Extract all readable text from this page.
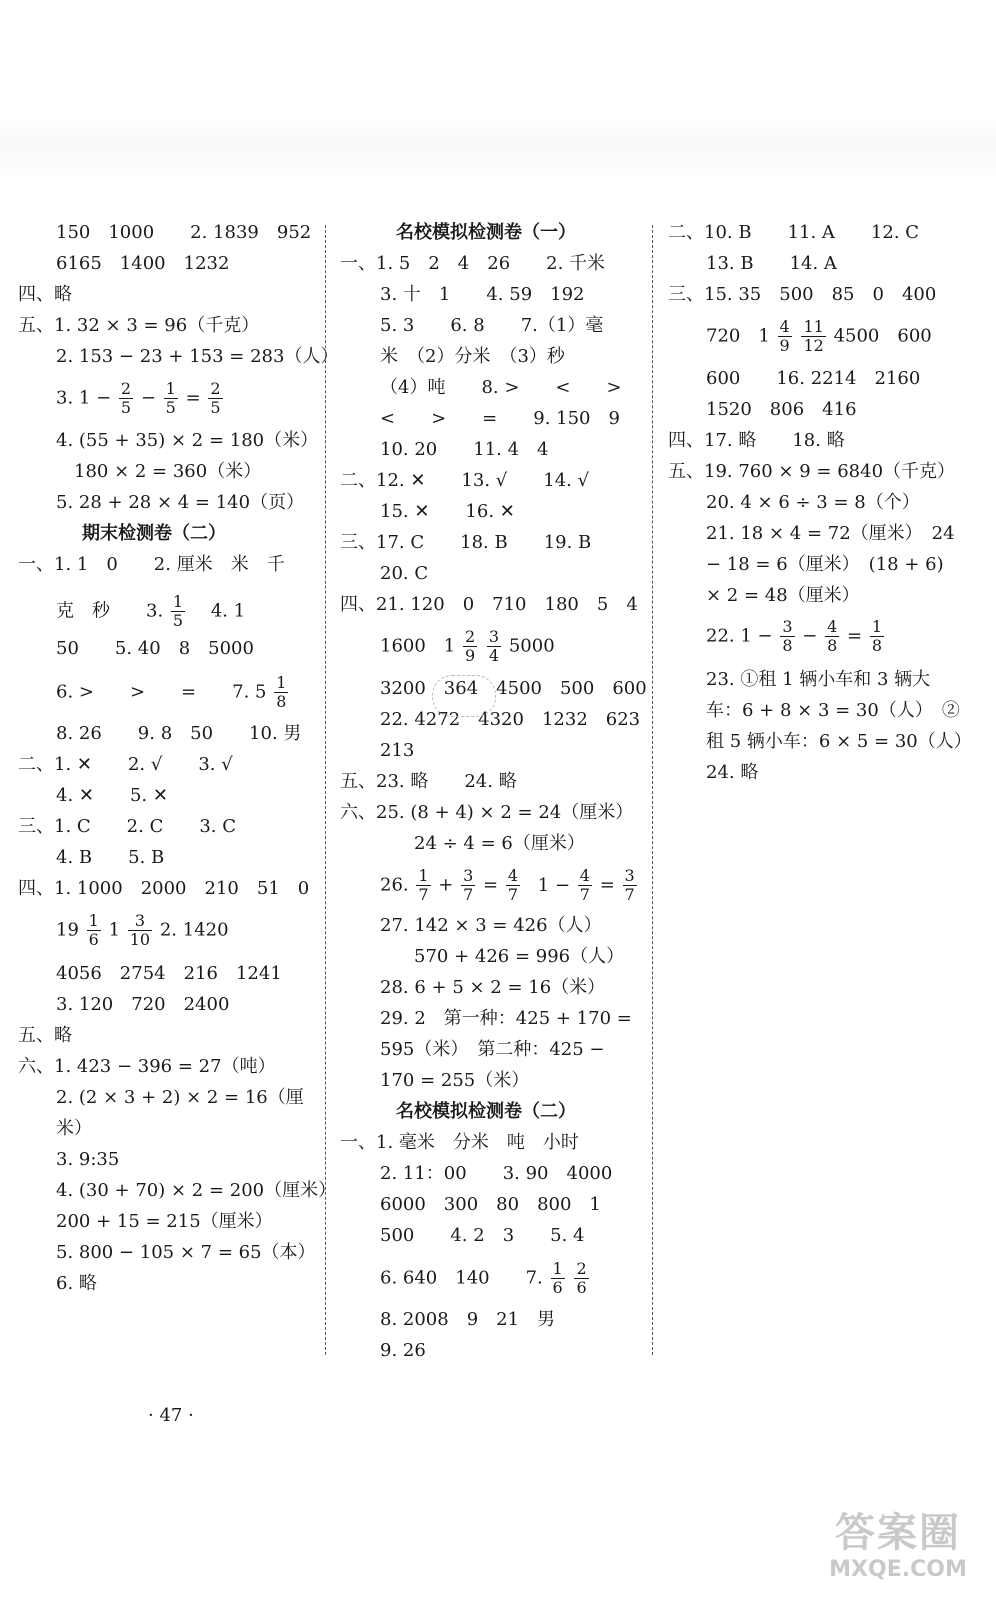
150　1000　　2. 1839　952
6165　1400　1232
四、略
五、1. 32 × 3 = 96（千克）
2. 153 − 23 + 153 = 283（人）
3. $1 - \frac{2}{5} - \frac{1}{5} = \frac{2}{5}$
4. (55 + 35) × 2 = 180（米）
180 × 2 = 360（米）
5. 28 + 28 × 4 = 140（页）
期末检测卷（二）
一、1. 1　0　　2. 厘米　米　千
克　秒　　3. $\frac{1}{5}$ 　4. 1
50　　5. 40　8　5000
6. >　　>　　=　　7. $5 \frac{1}{8}$
8. 26　　9. 8　50　　10. 男
二、1. ✕　　2. √　　3. √
4. ✕　　5. ✕
三、1. C　　2. C　　3. C
4. B　　5. B
四、1. 1000　2000　210　51　0
$19 \frac{1}{6} 1 \frac{3}{10} 2$. 1420
4056　2754　216　1241
3. 120　720　2400
五、略
六、1. 423 − 396 = 27（吨）
2. (2 × 3 + 2) × 2 = 16（厘
米）
3. 9:35
4. (30 + 70) × 2 = 200（厘米）
200 + 15 = 215（厘米）
5. 800 − 105 × 7 = 65（本）
6. 略
名校模拟检测卷（一）
一、1. 5　2　4　26　　2. 千米
3. 十　1　　4. 59　192
5. 3　　6. 8　　7.（1）毫
米　（2）分米　（3）秒
（4）吨　　8. >　　<　　>
<　　>　　=　　9. 150　9
10. 20　　11. 4　4
二、12. ✕　　13. √　　14. √
15. ✕　　16. ✕
三、17. C　　18. B　　19. B
20. C
四、21. 120　0　710　180　5　4
1600　$1 \frac{2}{9}$
$\frac{3}{4} 5000$
3200　364　4500　500　600
22. 4272　4320　1232　623
213
五、23. 略　　24. 略
六、25. (8 + 4) × 2 = 24（厘米）
24 ÷ 4 = 6（厘米）
26. $\frac{1}{7} + \frac{3}{7} = \frac{4}{7} 1 - \frac{4}{7} = \frac{3}{7}$
27. 142 × 3 = 426（人）
570 + 426 = 996（人）
28. 6 + 5 × 2 = 16（米）
29. 2　第一种：425 + 170 =
595（米）　第二种：425 −
170 = 255（米）
名校模拟检测卷（二）
一、1. 毫米　分米　吨　小时
2. 11：00　　3. 90　4000
6000　300　80　800　1
500　　4. 2　3　　5. 4
6. 640　140　　7. $\frac{1}{6}$
$\frac{2}{6}$
8. 2008　9　21　男
9. 26
二、10. B　　11. A　　12. C
13. B　　14. A
三、15. 35　500　85　0　400
720　$1 \frac{4}{9}$
$\frac{11}{12} 4500$　600
600　　16. 2214　2160
1520　806　416
四、17. 略　　18. 略
五、19. 760 × 9 = 6840（千克）
20. 4 × 6 ÷ 3 = 8（个）
21. 18 × 4 = 72（厘米）　24
− 18 = 6（厘米）　(18 + 6)
× 2 = 48（厘米）
22. $1 - \frac{3}{8} - \frac{4}{8} = \frac{1}{8}$
23. ①租 1 辆小车和 3 辆大
车：6 + 8 × 3 = 30（人）　②
租 5 辆小车：6 × 5 = 30（人）
24. 略
· 47 ·
答案圈
MXQE.COM
